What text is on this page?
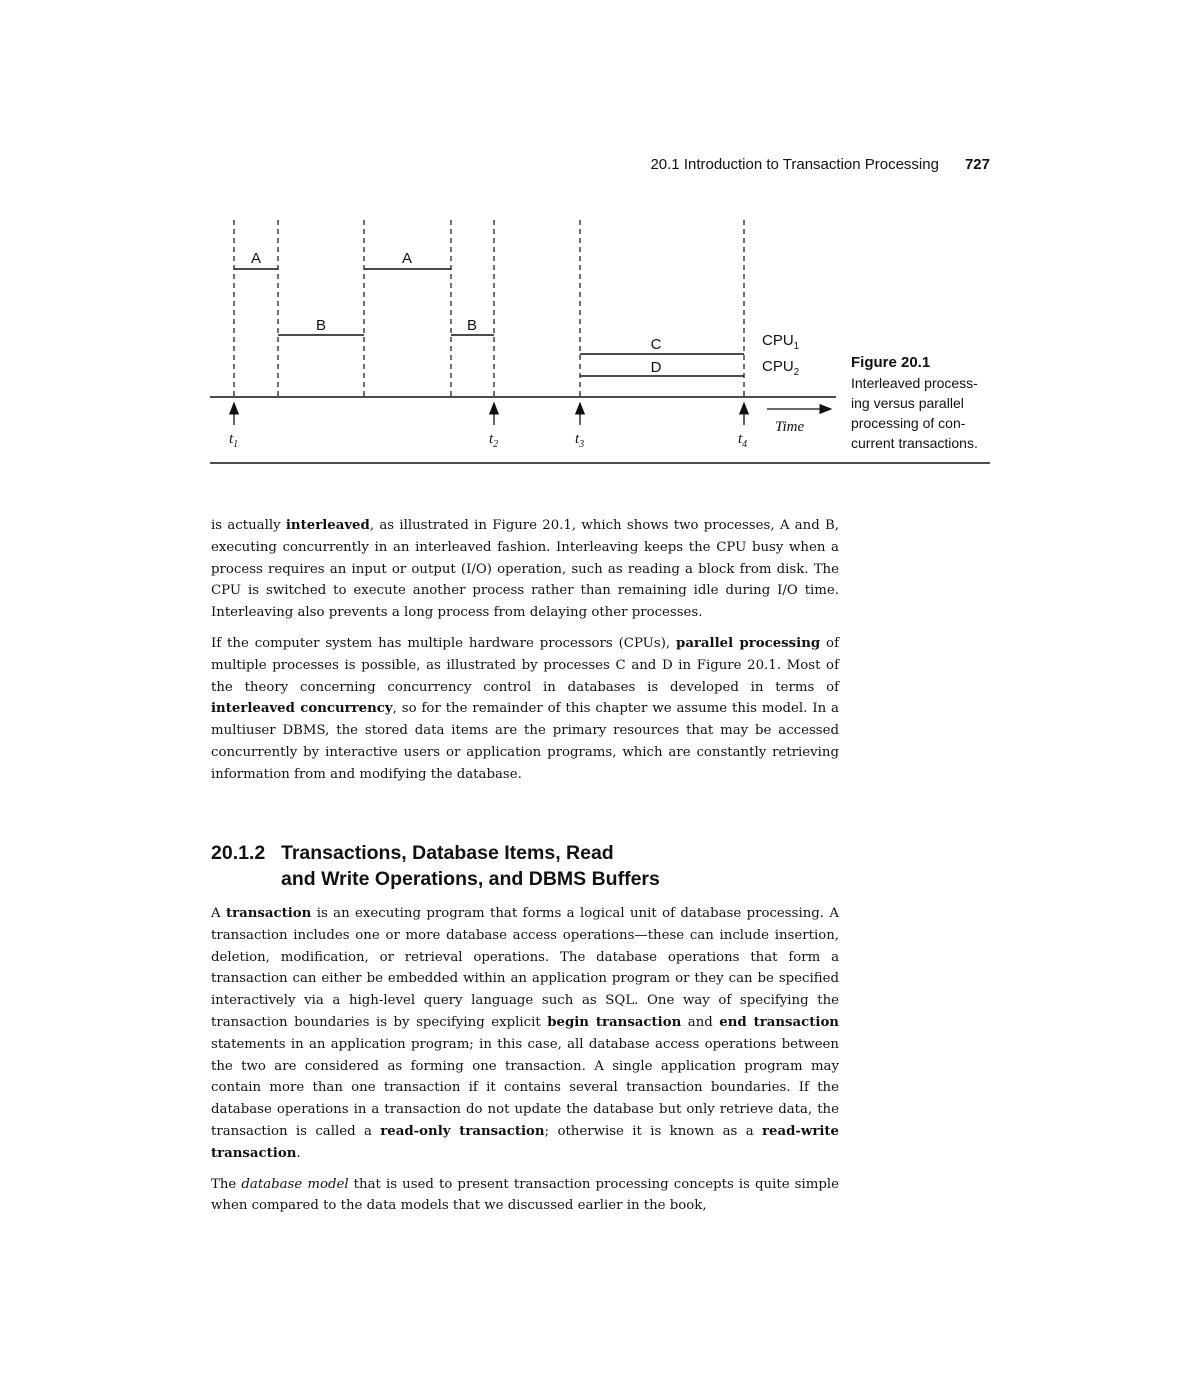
20.1 Introduction to Transaction Processing 727
A	A
B	B
C
D
$CPU_1$
$CPU_2$
$t_1$	$t_2$	$t_3$	$t_4$
Time
Figure 20.1
Interleaved process-
ing versus parallel
processing of con-
current transactions.

is actually interleaved, as illustrated in Figure 20.1, which shows two processes, A and B, executing concurrently in an interleaved fashion. Interleaving keeps the CPU busy when a process requires an input or output (I/O) operation, such as reading a block from disk. The CPU is switched to execute another process rather than remaining idle during I/O time. Interleaving also prevents a long process from delaying other processes.

If the computer system has multiple hardware processors (CPUs), parallel processing of multiple processes is possible, as illustrated by processes C and D in Figure 20.1. Most of the theory concerning concurrency control in databases is developed in terms of interleaved concurrency, so for the remainder of this chapter we assume this model. In a multiuser DBMS, the stored data items are the primary resources that may be accessed concurrently by interactive users or application programs, which are constantly retrieving information from and modifying the database.

20.1.2 Transactions, Database Items, Read
and Write Operations, and DBMS Buffers

A transaction is an executing program that forms a logical unit of database processing. A transaction includes one or more database access operations—these can include insertion, deletion, modification, or retrieval operations. The database operations that form a transaction can either be embedded within an application program or they can be specified interactively via a high-level query language such as SQL. One way of specifying the transaction boundaries is by specifying explicit begin transaction and end transaction statements in an application program; in this case, all database access operations between the two are considered as forming one transaction. A single application program may contain more than one transaction if it contains several transaction boundaries. If the database operations in a transaction do not update the database but only retrieve data, the transaction is called a read-only transaction; otherwise it is known as a read-write transaction.

The database model that is used to present transaction processing concepts is quite simple when compared to the data models that we discussed earlier in the book,
